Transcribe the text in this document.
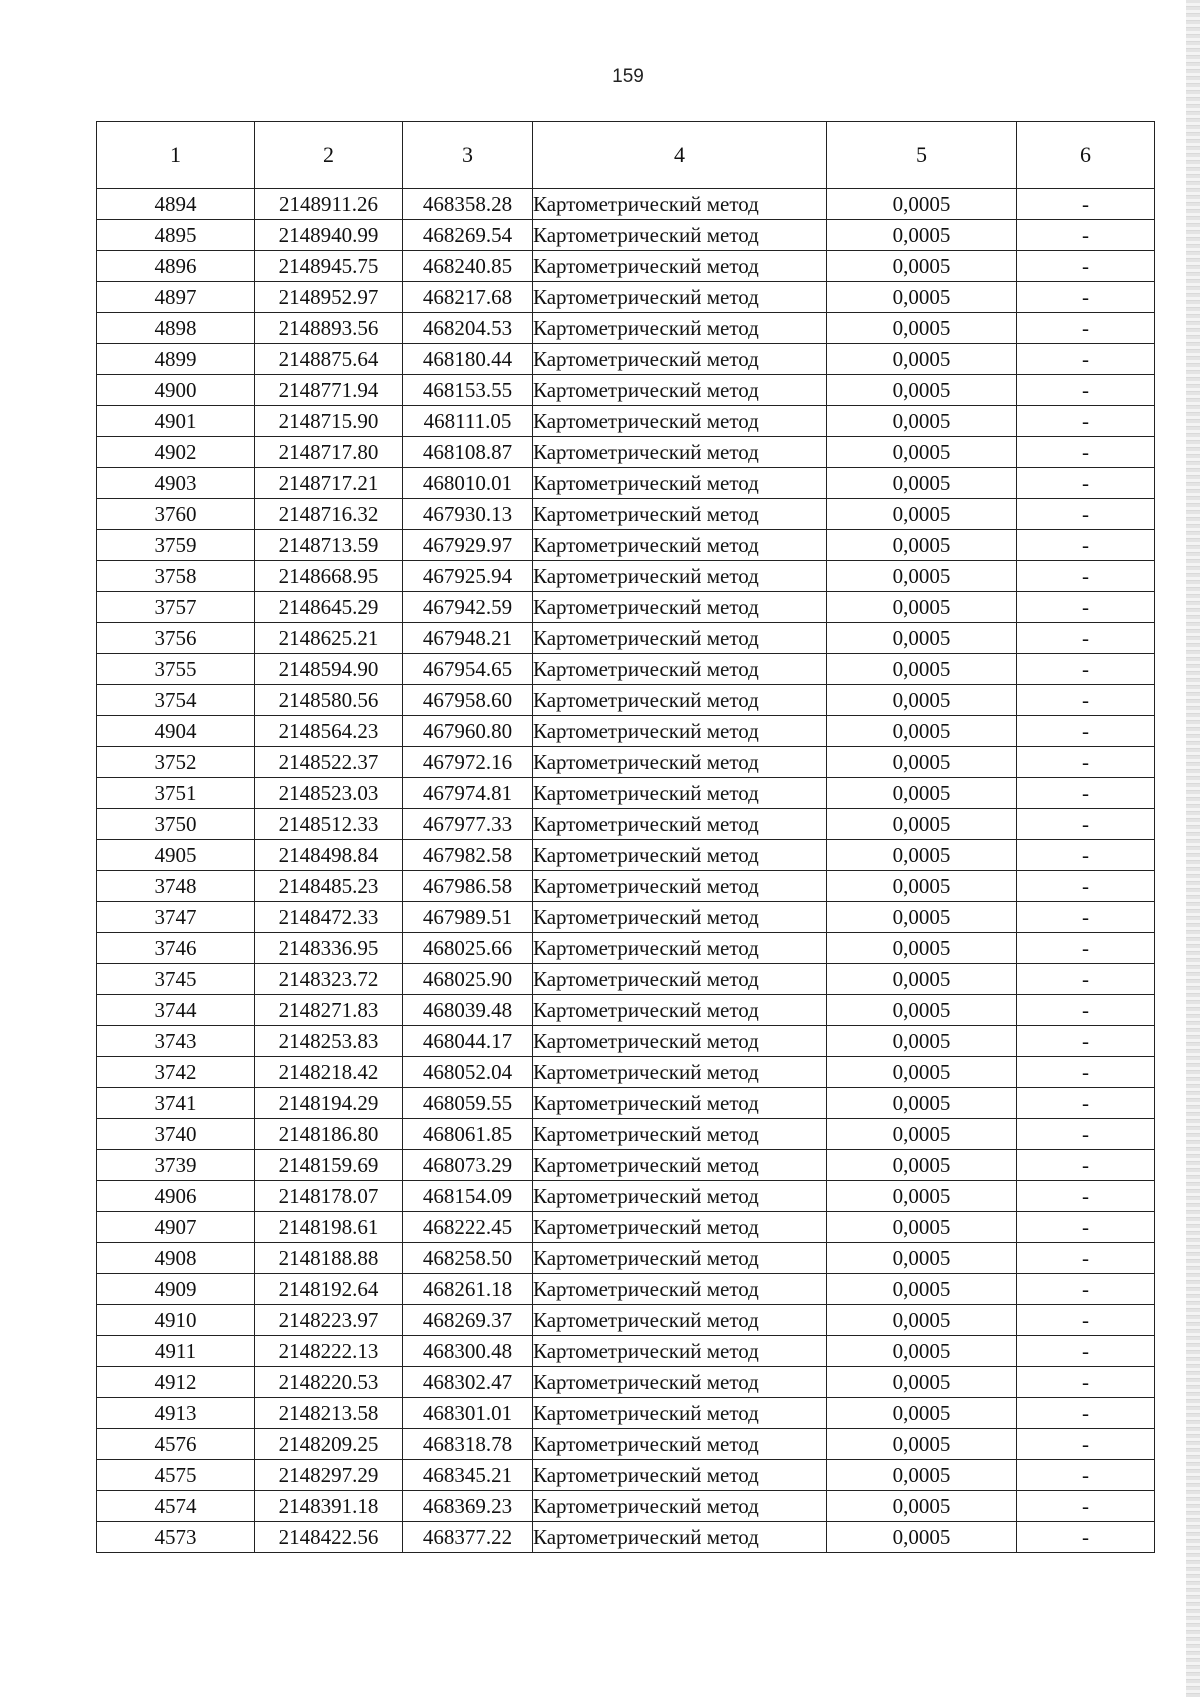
159
1	2	3	4	5	6
4894	2148911.26	468358.28	Картометрический метод	0,0005	-
4895	2148940.99	468269.54	Картометрический метод	0,0005	-
4896	2148945.75	468240.85	Картометрический метод	0,0005	-
4897	2148952.97	468217.68	Картометрический метод	0,0005	-
4898	2148893.56	468204.53	Картометрический метод	0,0005	-
4899	2148875.64	468180.44	Картометрический метод	0,0005	-
4900	2148771.94	468153.55	Картометрический метод	0,0005	-
4901	2148715.90	468111.05	Картометрический метод	0,0005	-
4902	2148717.80	468108.87	Картометрический метод	0,0005	-
4903	2148717.21	468010.01	Картометрический метод	0,0005	-
3760	2148716.32	467930.13	Картометрический метод	0,0005	-
3759	2148713.59	467929.97	Картометрический метод	0,0005	-
3758	2148668.95	467925.94	Картометрический метод	0,0005	-
3757	2148645.29	467942.59	Картометрический метод	0,0005	-
3756	2148625.21	467948.21	Картометрический метод	0,0005	-
3755	2148594.90	467954.65	Картометрический метод	0,0005	-
3754	2148580.56	467958.60	Картометрический метод	0,0005	-
4904	2148564.23	467960.80	Картометрический метод	0,0005	-
3752	2148522.37	467972.16	Картометрический метод	0,0005	-
3751	2148523.03	467974.81	Картометрический метод	0,0005	-
3750	2148512.33	467977.33	Картометрический метод	0,0005	-
4905	2148498.84	467982.58	Картометрический метод	0,0005	-
3748	2148485.23	467986.58	Картометрический метод	0,0005	-
3747	2148472.33	467989.51	Картометрический метод	0,0005	-
3746	2148336.95	468025.66	Картометрический метод	0,0005	-
3745	2148323.72	468025.90	Картометрический метод	0,0005	-
3744	2148271.83	468039.48	Картометрический метод	0,0005	-
3743	2148253.83	468044.17	Картометрический метод	0,0005	-
3742	2148218.42	468052.04	Картометрический метод	0,0005	-
3741	2148194.29	468059.55	Картометрический метод	0,0005	-
3740	2148186.80	468061.85	Картометрический метод	0,0005	-
3739	2148159.69	468073.29	Картометрический метод	0,0005	-
4906	2148178.07	468154.09	Картометрический метод	0,0005	-
4907	2148198.61	468222.45	Картометрический метод	0,0005	-
4908	2148188.88	468258.50	Картометрический метод	0,0005	-
4909	2148192.64	468261.18	Картометрический метод	0,0005	-
4910	2148223.97	468269.37	Картометрический метод	0,0005	-
4911	2148222.13	468300.48	Картометрический метод	0,0005	-
4912	2148220.53	468302.47	Картометрический метод	0,0005	-
4913	2148213.58	468301.01	Картометрический метод	0,0005	-
4576	2148209.25	468318.78	Картометрический метод	0,0005	-
4575	2148297.29	468345.21	Картометрический метод	0,0005	-
4574	2148391.18	468369.23	Картометрический метод	0,0005	-
4573	2148422.56	468377.22	Картометрический метод	0,0005	-
